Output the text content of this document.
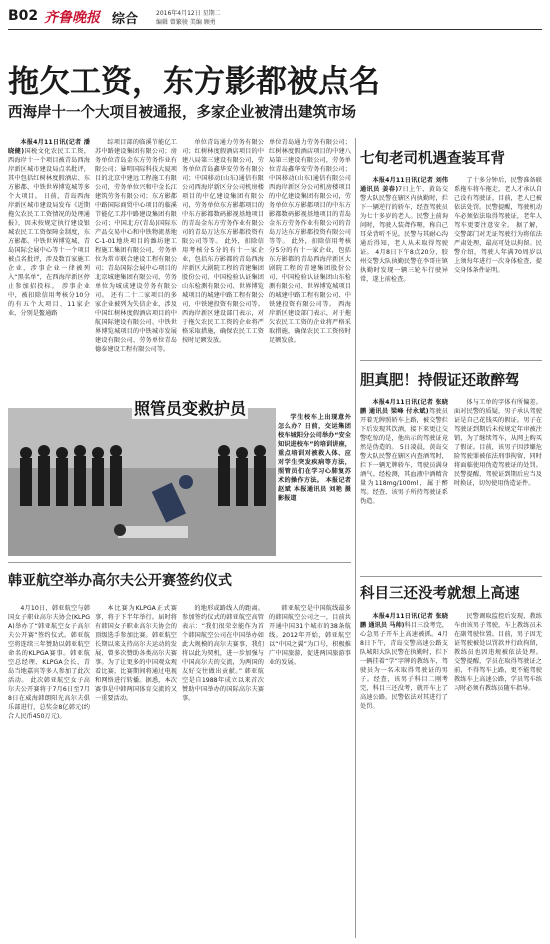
B02 齐鲁晚报 综合	2016年4月12日 星期二
编辑 曾繁骏 美编 顾勇
拖欠工资，东方影都被点名
西海岸十一个大项目被通报，多家企业被清出建筑市场

本报4月11日讯(记者 潘晓健)国税文化农民工工资，西海岸十一个项目被青岛西海岸新区城市建设局点名批评，其中包括红树林度假酒店、东方影都、中铁世界博览城等多个大项目。 日前，青岛西海岸新区城市建设局发布《近期拖欠农民工工资情况的处理通报》，因未按规定执行建设银城农民工工资保障金制度，东方影都、中铁世界博览城、青岛国际会展中心等十一个项目被点名批评，涉及数百家施工企业，涉事企业一律被列入“黑名单”，在西海岸新区停止参加招投标。 涉事企业中，被扣除信用考核分10分的有五个大项目、11家企业，分别是鳌通路

综项目部的临溪节能亿工苏中路建设集团有限公司；房务单位青岛金东方劳务作业有限公司；暴明国际科技大厦项目的北京中建远工程施工有限公司，劳务单位兴和中金长江建筑劳务有限公司；东方影都中路国际商贸中心项目的临溪节能亿工苏中路建设集团有限公司；中国北方(青岛)国际东产品交易中心和中铁物流基地C-1-01地块项目的潍坊建工程施工集团有限公司，劳务单位为常市联合建设工程有限公司；青岛国际会展中心项目的北京城建集团有限公司，劳务单位为城成建设劳务有限公司。 还有二十二家项目的多家企业被列为失信企业，涉及中国红树林度假酒店项目的中航国际建设有限公司、中铁世界博览城项目的中铁城市发展建设有限公司、劳务单位青岛德泰建设工程有限公司等。

单位青岛通力劳务有限公司；红树林度假酒店项目的中建八局第三建设有限公司，劳务单位青岛鑫华安劳务有限公司；中国移动(山东)通信有限公司西海岸新区分公司机房楼项目的中亿建设集团有限公司，劳务单位东方影都项目的中东方影都数码影视基地项目的青岛金东方劳务作业有限公司的青岛万达东方影都投资有限公司等等。 此外，扣除信用考核分5分的有十一家企业，包括东方影都的青岛西海岸新区大剧院工程的青建集团股份公司、中国检验认证集团山东检测有限公司、世界博览城项目的城建中路工程有限公司、中铁建投资有限公司等。 西海岸新区建设部门表示，对于拖欠农民工工资的企业将严格采取措施，确保农民工工资按时足额发放。

单位青岛通力劳务有限公司；红树林度假酒店项目的中建八局第三建设有限公司，劳务单位青岛鑫华安劳务有限公司；中国移动(山东)通信有限公司西海岸新区分公司机房楼项目的中亿建设集团有限公司，劳务单位东方影都项目的中东方影都数码影视基地项目的青岛金东方劳务作业有限公司的青岛万达东方影都投资有限公司等等。 此外，扣除信用考核分5分的有十一家企业，包括东方影都的青岛西海岸新区大剧院工程的青建集团股份公司、中国检验认证集团山东检测有限公司、世界博览城项目的城建中路工程有限公司、中铁建投资有限公司等。 西海岸新区建设部门表示，对于拖欠农民工工资的企业将严格采取措施，确保农民工工资按时足额发放。

照管员变救护员	学生校车上出现意外怎么办？日前，交运集团校车城阳分公司举办“安全知识进校车”的培训讲座，重点培训对被救人体、应对学生突发疾病等方法，照管员们在学习心肺复苏术的操作方法。 本报记者 赵斌 本报通讯员 刘艳 摄影报道

韩亚航空举办高尔夫公开赛签约仪式

4月10日，韩亚航空与韩国女子职业高尔夫协会(KLPGA)举办了“韩亚航空女子高尔夫公开赛”签约仪式。韩亚航空将连续三年赞助以韩亚航空命名的KLPGA赛事。韩亚航空总经理、KLPGA会长、青岛当地嘉宾等多人参加了此次活动。 此次韩亚航空女子高尔夫公开赛将于7月6日至7月8日在威海韩朗阳光高尔夫俱乐部进行，总奖金8亿韩元(约合人民币450万元)。

本比赛为KLPGA正式赛事，将于下半年举行。届时将有韩国女子职业高尔夫协会的顶级选手参加比赛。韩亚航空长期以来支持高尔夫运动的发展，曾多次赞助各类高尔夫赛事。为了让更多的中国观众观看比赛，比赛期间将通过电视和网络进行转播。据悉，本次赛事是中韩两国体育交流的又一重要活动。

的地形或路线人的距离。 参加签约仪式的韩亚航空高管表示：“我们很荣幸能作为首个韩国航空公司在中国举办如此大规模的高尔夫赛事，我们将以此为契机，进一步加强与中国高尔夫的交流，为两国的友好交往做出贡献。” 韩亚航空是自1988年成立以来首次赞助中国举办的国际高尔夫赛事。

韩亚航空是中国航线最多的韩国航空公司之一，目前共开通中国31个城市的38条航线。2012年开始，韩亚航空以“中国之翼”为口号，积极推广中国旅游，促进两国旅游事业的发展。

七旬老司机遇查装耳背

本报4月11日讯(记者 刘伟 通讯员 姜春)7日上午，黄岛交警大队民警在辖区内执勤时，拦下一辆逆行的轿车，经查驾驶员为七十多岁的老人。民警上前询问时，驾驶人装聋作哑，称自己耳朵背听不见。民警与其耐心沟通后得知，老人从未取得驾驶证。 4月8日下午8点20分，胶州交警大队执勤民警在李哥庄镇执勤时发现一辆三轮车行驶异常，遂上前检查。

了十多分钟后，民警准备联系拖车将车拖走，老人才承认自己没有驾驶证。目前，老人已被依法处罚。民警提醒，驾驶机动车必须依法取得驾驶证，老年人驾车更要注意安全。 据了解，交警部门对无证驾驶行为将依法严肃处理，最高可处以拘留。民警介绍，驾驶人年满70周岁以上须每年进行一次身体检查，提交身体条件证明。

胆真肥！持假证还敢醉驾

本报4月11日讯(记者 张晓鹏 通讯员 梁峰 付永斌)驾驶员开着无牌照轿车上路，被交警拦下后发现其饮酒，接下来更让交警吃惊的是，他出示的驾驶证竟然是伪造的。 5日凌晨，黄岛交警大队民警在辖区内查酒驾时，拦下一辆无牌轿车，驾驶员满身酒气。经检测，其血液中酒精含量为118mg/100ml，属于醉驾。经查，该男子所持驾驶证系伪造。

体与工单的字体有所偏差。面对民警的质疑，男子承认驾驶证是自己花钱买的假证。男子在驾驶证到期后未按规定年审被注销，为了继续驾车，从网上购买了假证。目前，该男子因涉嫌危险驾驶罪被依法刑事拘留，同时将面临使用伪造驾驶证的处罚。 民警提醒，驾驶证到期后应当及时换证，切勿使用伪造证件。

科目三还没考就想上高速

本报4月11日讯(记者 张晓鹏 通讯员 马帅)科目三没考完，心急男子开车上高速被抓。4月8日下午，青岛交警高速公路支队城阳大队民警在执勤时，拦下一辆挂着“学”字牌的教练车，驾驶员为一名未取得驾驶证的男子。经查，该男子科目二刚考完，科目三还没考，就开车上了高速公路。民警依法对其进行了处罚。

民警调取监控后发现，教练车由该男子驾驶，车上教练员未在副驾驶位置。目前，男子因无证驾驶被处以罚款并行政拘留，教练员也因违规被依法处理。 交警提醒，学员在取得驾驶证之前，不得驾车上路，更不能驾驶教练车上高速公路，学员驾车练习时必须有教练员随车指导。
